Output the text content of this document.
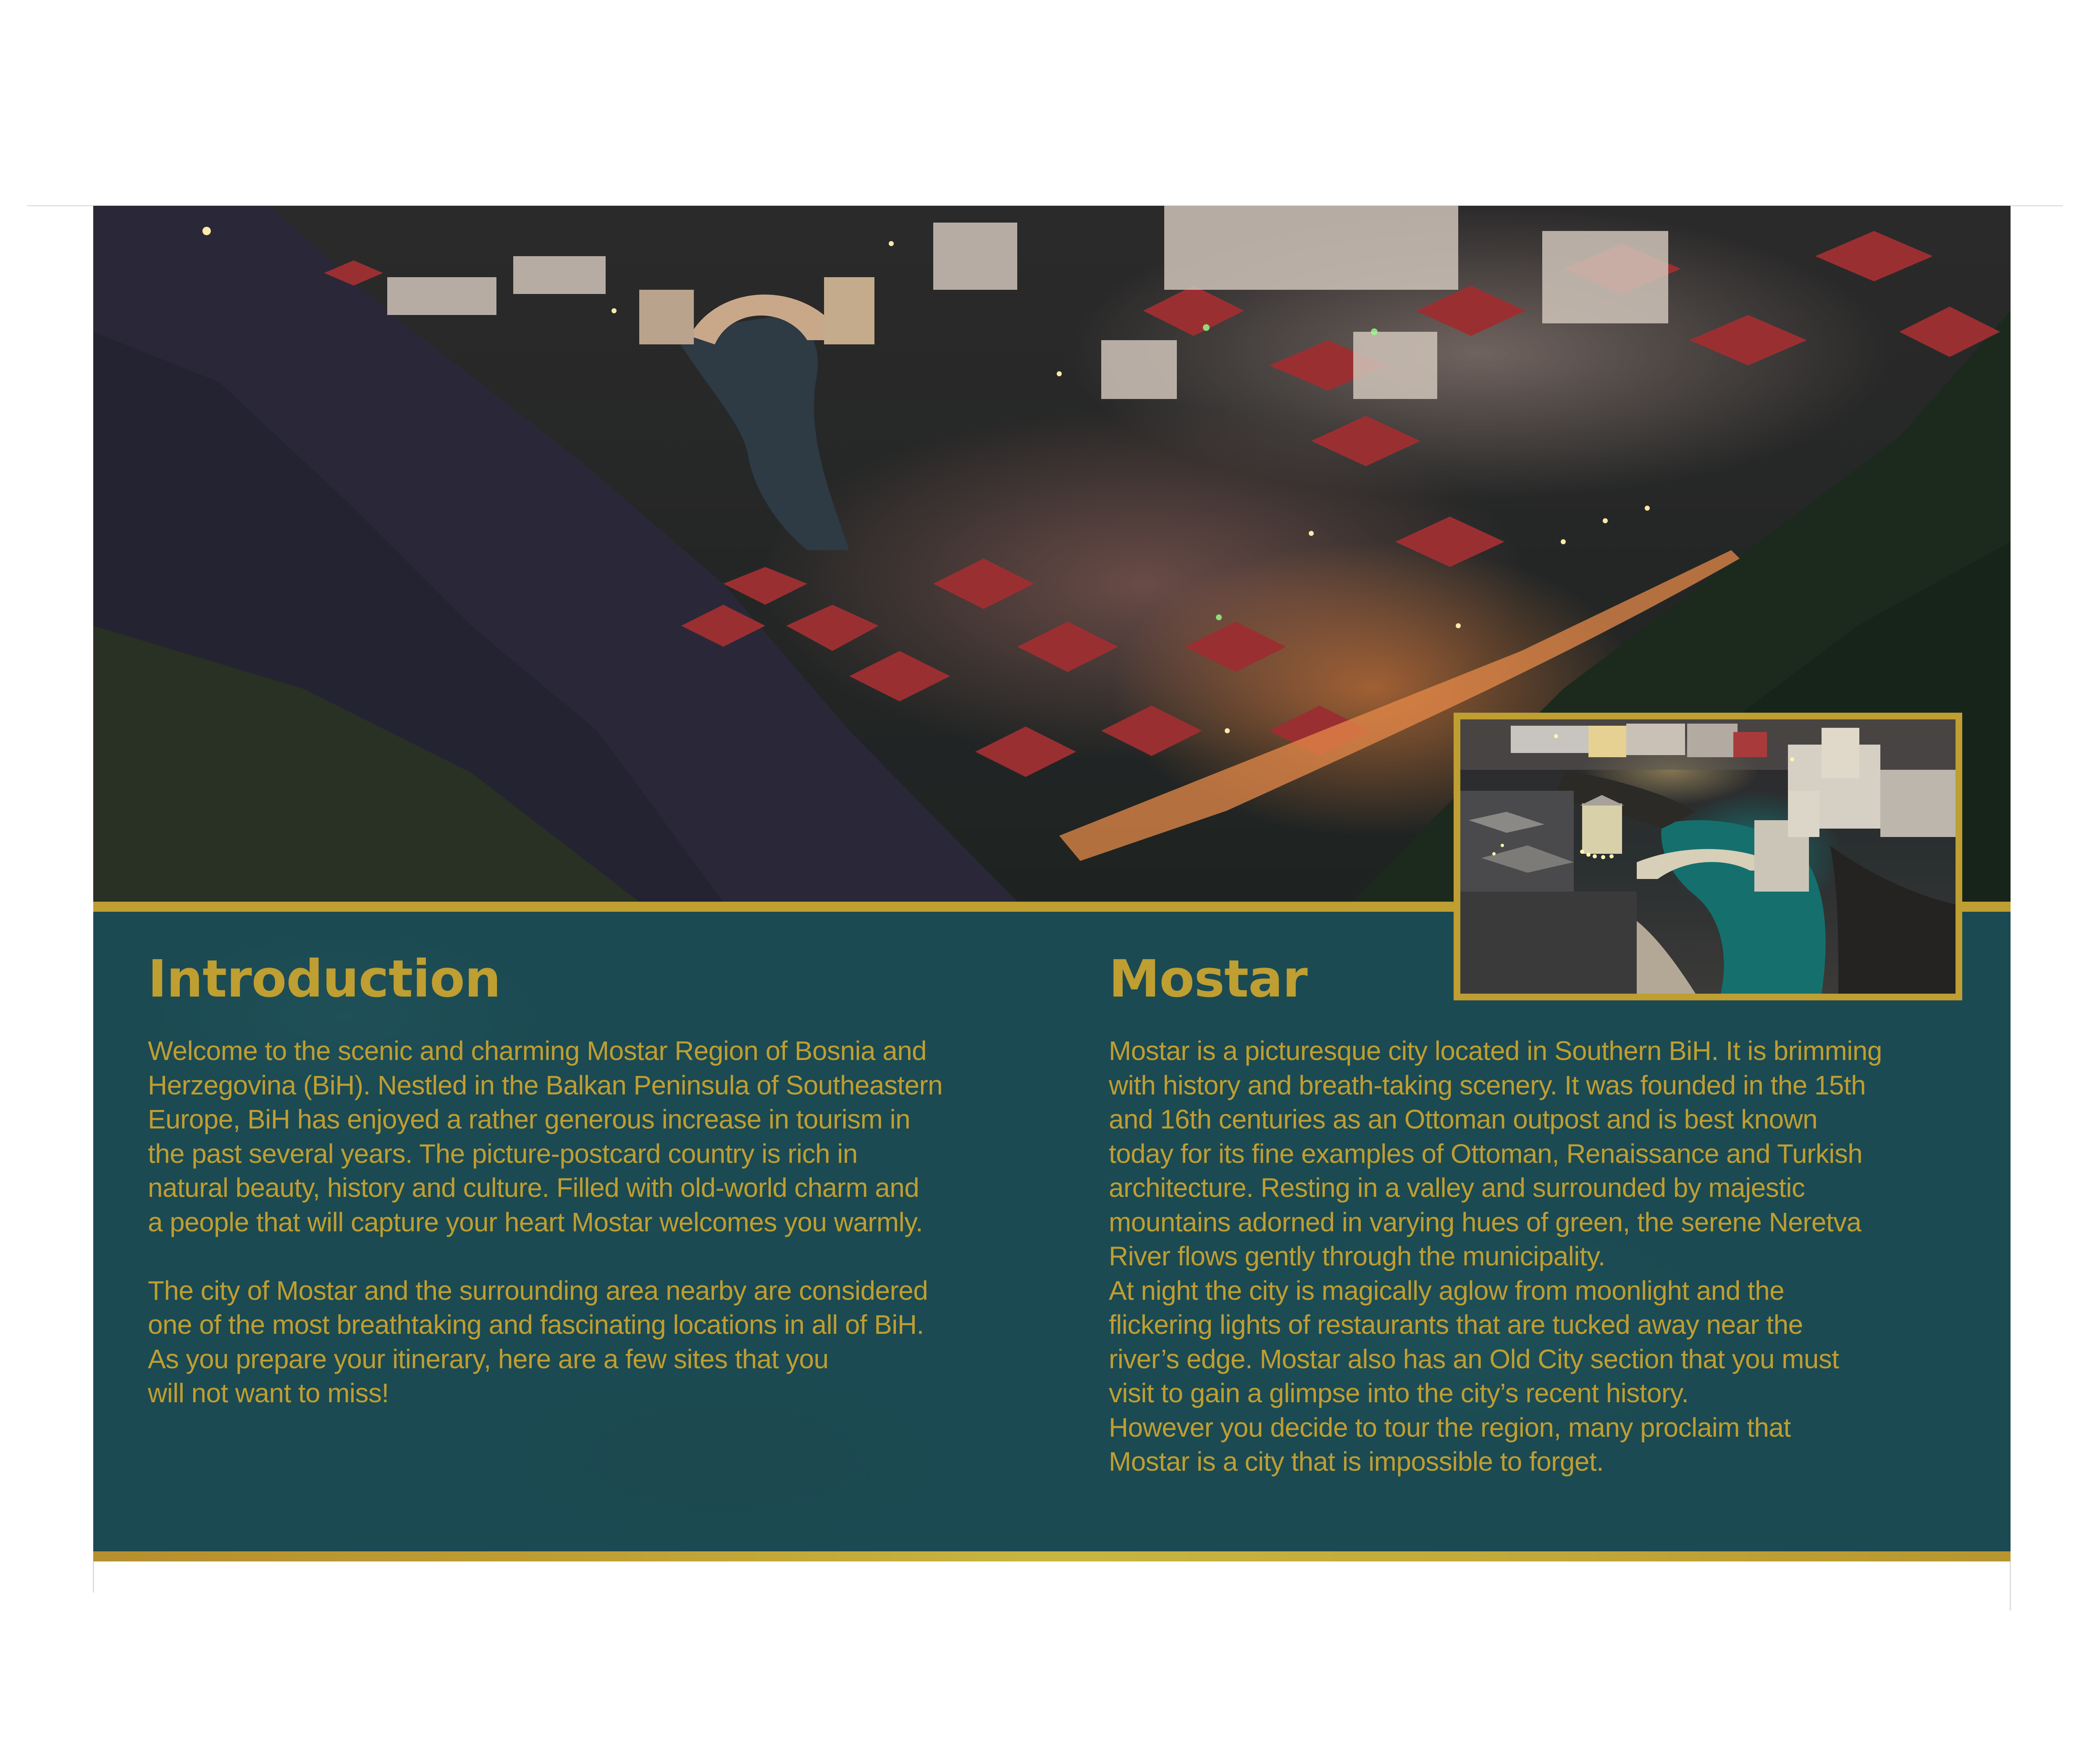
Introduction	Mostar
Welcome to the scenic and charming Mostar Region of Bosnia and
Herzegovina (BiH). Nestled in the Balkan Peninsula of Southeastern
Europe, BiH has enjoyed a rather generous increase in tourism in
the past several years. The picture-postcard country is rich in
natural beauty, history and culture. Filled with old-world charm and
a people that will capture your heart Mostar welcomes you warmly.
The city of Mostar and the surrounding area nearby are considered
one of the most breathtaking and fascinating locations in all of BiH.
As you prepare your itinerary, here are a few sites that you
will not want to miss!
Mostar is a picturesque city located in Southern BiH. It is brimming
with history and breath-taking scenery. It was founded in the 15th
and 16th centuries as an Ottoman outpost and is best known
today for its fine examples of Ottoman, Renaissance and Turkish
architecture. Resting in a valley and surrounded by majestic
mountains adorned in varying hues of green, the serene Neretva
River flows gently through the municipality.
At night the city is magically aglow from moonlight and the
flickering lights of restaurants that are tucked away near the
river’s edge. Mostar also has an Old City section that you must
visit to gain a glimpse into the city’s recent history.
However you decide to tour the region, many proclaim that
Mostar is a city that is impossible to forget.
